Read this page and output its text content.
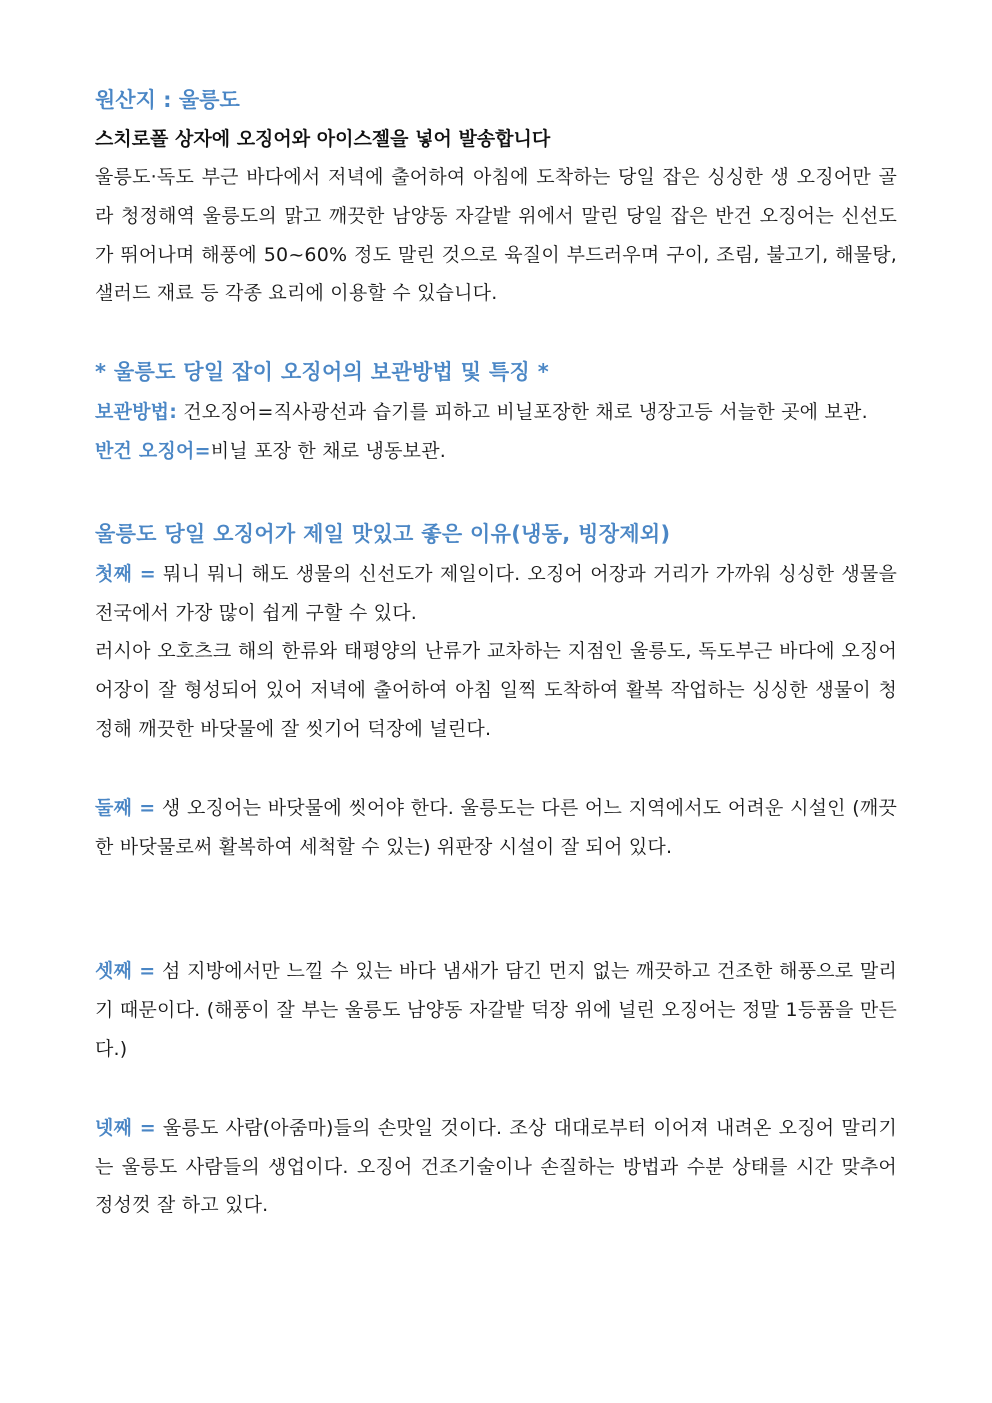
원산지 : 울릉도

스치로폴 상자에 오징어와 아이스젤을 넣어 발송합니다

울릉도·독도 부근 바다에서 저녁에 출어하여 아침에 도착하는 당일 잡은 싱싱한 생 오징어만 골라 청정해역 울릉도의 맑고 깨끗한 남양동 자갈밭 위에서 말린 당일 잡은 반건 오징어는 신선도가 뛰어나며 해풍에 50~60% 정도 말린 것으로 육질이 부드러우며 구이, 조림, 불고기, 해물탕, 샐러드 재료 등 각종 요리에 이용할 수 있습니다.

* 울릉도 당일 잡이 오징어의 보관방법 및 특징 *

보관방법: 건오징어=직사광선과 습기를 피하고 비닐포장한 채로 냉장고등 서늘한 곳에 보관.

반건 오징어=비닐 포장 한 채로 냉동보관.

울릉도 당일 오징어가 제일 맛있고 좋은 이유(냉동, 빙장제외)

첫째 = 뭐니 뭐니 해도 생물의 신선도가 제일이다. 오징어 어장과 거리가 가까워 싱싱한 생물을 전국에서 가장 많이 쉽게 구할 수 있다.

러시아 오호츠크 해의 한류와 태평양의 난류가 교차하는 지점인 울릉도, 독도부근 바다에 오징어 어장이 잘 형성되어 있어 저녁에 출어하여 아침 일찍 도착하여 활복 작업하는 싱싱한 생물이 청정해 깨끗한 바닷물에 잘 씻기어 덕장에 널린다.

둘째 = 생 오징어는 바닷물에 씻어야 한다. 울릉도는 다른 어느 지역에서도 어려운 시설인 (깨끗한 바닷물로써 활복하여 세척할 수 있는) 위판장 시설이 잘 되어 있다.

셋째 = 섬 지방에서만 느낄 수 있는 바다 냄새가 담긴 먼지 없는 깨끗하고 건조한 해풍으로 말리기 때문이다. (해풍이 잘 부는 울릉도 남양동 자갈밭 덕장 위에 널린 오징어는 정말 1등품을 만든다.)

넷째 = 울릉도 사람(아줌마)들의 손맛일 것이다. 조상 대대로부터 이어져 내려온 오징어 말리기는 울릉도 사람들의 생업이다. 오징어 건조기술이나 손질하는 방법과 수분 상태를 시간 맞추어 정성껏 잘 하고 있다.
